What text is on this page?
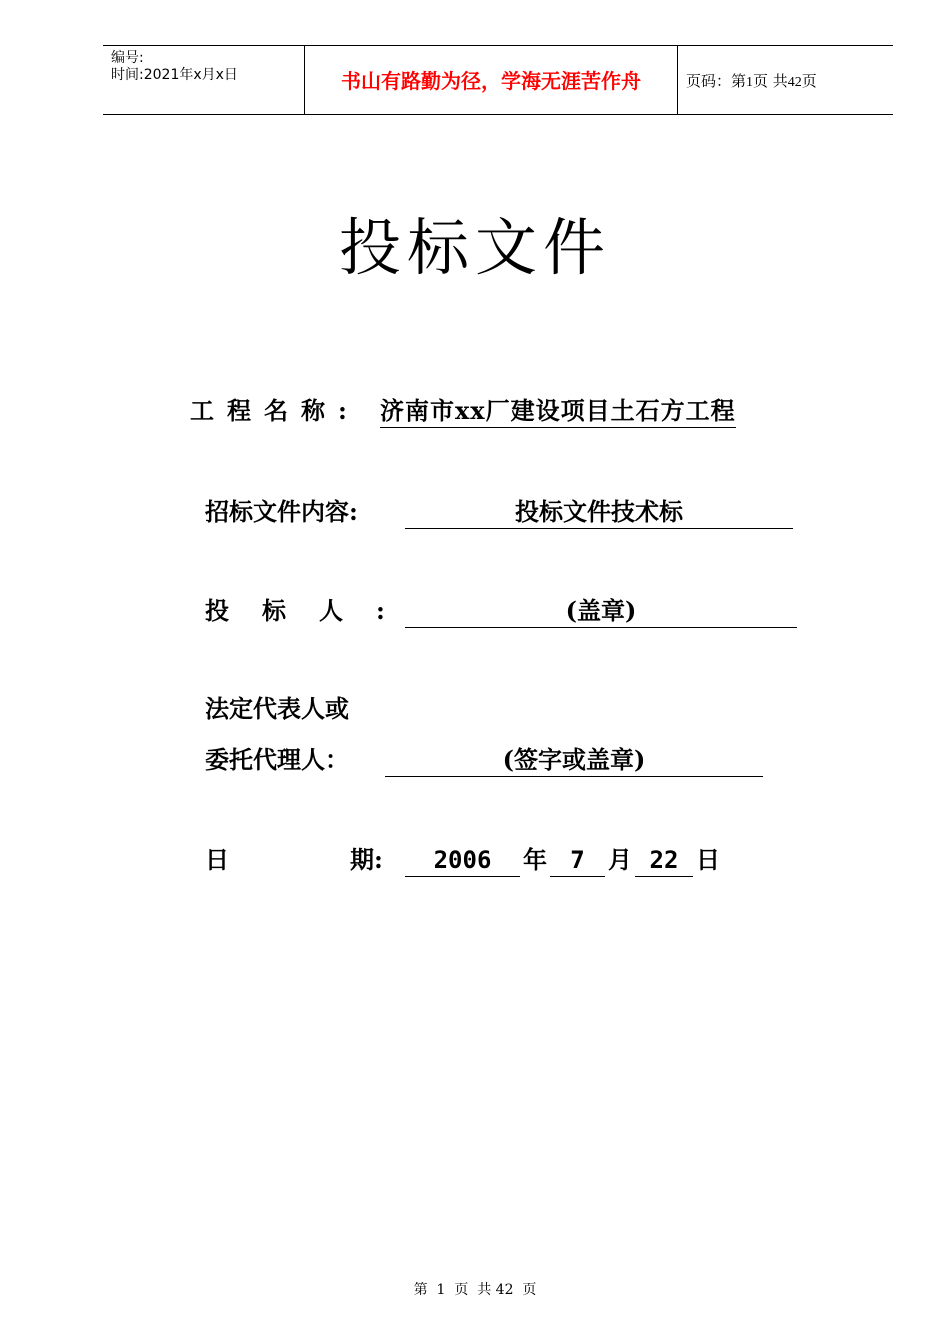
编号:
时间:2021年x月x日	书山有路勤为径，学海无涯苦作舟	页码：第1页 共42页
投标文件
工程名称: 济南市xx厂建设项目土石方工程
招标文件内容:	投标文件技术标
投标人:	(盖章)
法定代表人或
委托代理人：	(签字或盖章)
日	期:	2006	年 7 月 22 日
第  1  页  共 42  页
